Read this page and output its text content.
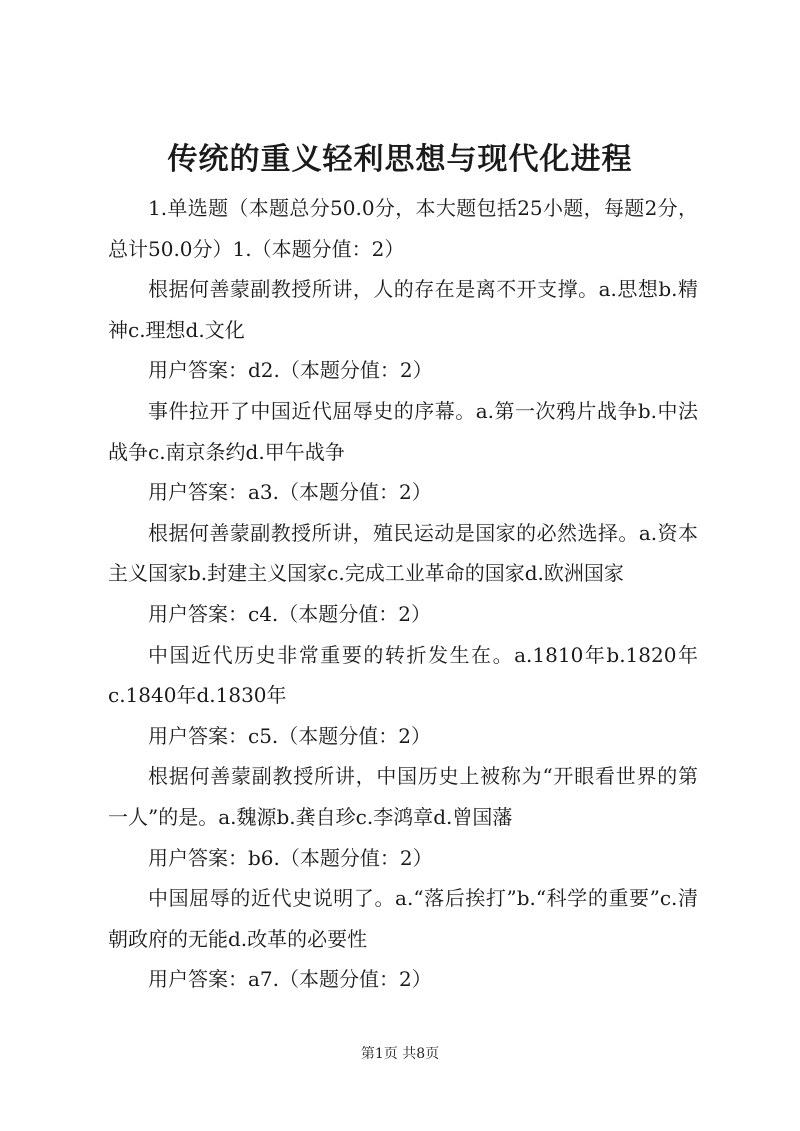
传统的重义轻利思想与现代化进程

1.单选题（本题总分50.0分，本大题包括25小题，每题2分，总计50.0分）1.（本题分值：2）

根据何善蒙副教授所讲，人的存在是离不开支撑。a.思想b.精神c.理想d.文化

用户答案：d2.（本题分值：2）

事件拉开了中国近代屈辱史的序幕。a.第一次鸦片战争b.中法战争c.南京条约d.甲午战争

用户答案：a3.（本题分值：2）

根据何善蒙副教授所讲，殖民运动是国家的必然选择。a.资本主义国家b.封建主义国家c.完成工业革命的国家d.欧洲国家

用户答案：c4.（本题分值：2）

中国近代历史非常重要的转折发生在。a.1810年b.1820年c.1840年d.1830年

用户答案：c5.（本题分值：2）

根据何善蒙副教授所讲，中国历史上被称为“开眼看世界的第一人”的是。a.魏源b.龚自珍c.李鸿章d.曾国藩

用户答案：b6.（本题分值：2）

中国屈辱的近代史说明了。a.“落后挨打”b.“科学的重要”c.清朝政府的无能d.改革的必要性

用户答案：a7.（本题分值：2）

第1页 共8页
